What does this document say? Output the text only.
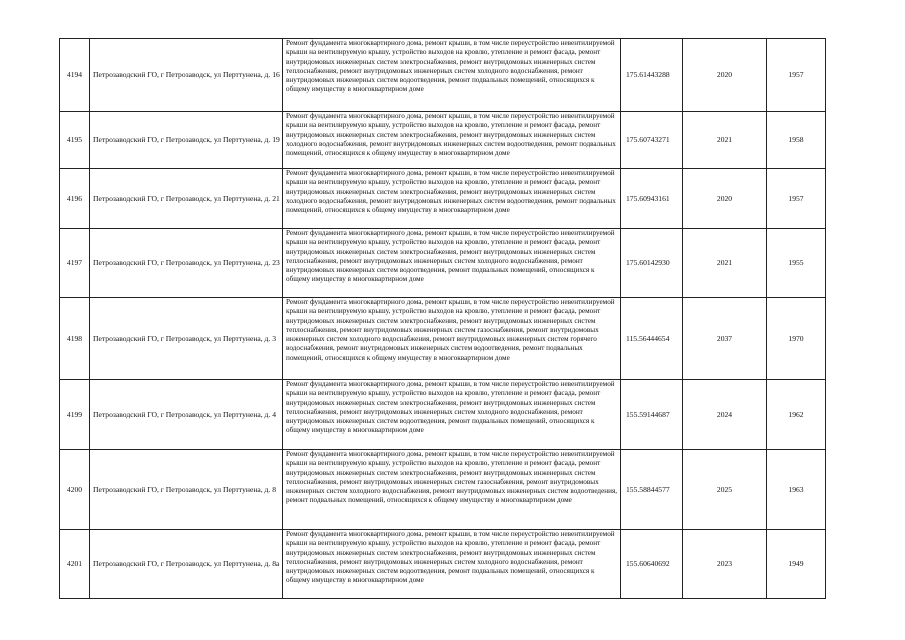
4194	Петрозаводский ГО, г Петрозаводск, ул Перттунена, д. 16	Ремонт фундамента многоквартирного дома, ремонт крыши, в том числе переустройство невентилируемой крыши на вентилируемую крышу, устройство выходов на кровлю, утепление и ремонт фасада, ремонт внутридомовых инженерных систем электроснабжения, ремонт внутридомовых инженерных систем теплоснабжения, ремонт внутридомовых инженерных систем холодного водоснабжения, ремонт внутридомовых инженерных систем водоотведения, ремонт подвальных помещений, относящихся к общему имуществу в многоквартирном доме	175.61443288	2020	1957
4195	Петрозаводский ГО, г Петрозаводск, ул Перттунена, д. 19	Ремонт фундамента многоквартирного дома, ремонт крыши, в том числе переустройство невентилируемой крыши на вентилируемую крышу, устройство выходов на кровлю, утепление и ремонт фасада, ремонт внутридомовых инженерных систем электроснабжения, ремонт внутридомовых инженерных систем холодного водоснабжения, ремонт внутридомовых инженерных систем водоотведения, ремонт подвальных помещений, относящихся к общему имуществу в многоквартирном доме	175.60743271	2021	1958
4196	Петрозаводский ГО, г Петрозаводск, ул Перттунена, д. 21	Ремонт фундамента многоквартирного дома, ремонт крыши, в том числе переустройство невентилируемой крыши на вентилируемую крышу, устройство выходов на кровлю, утепление и ремонт фасада, ремонт внутридомовых инженерных систем электроснабжения, ремонт внутридомовых инженерных систем холодного водоснабжения, ремонт внутридомовых инженерных систем водоотведения, ремонт подвальных помещений, относящихся к общему имуществу в многоквартирном доме	175.60943161	2020	1957
4197	Петрозаводский ГО, г Петрозаводск, ул Перттунена, д. 23	Ремонт фундамента многоквартирного дома, ремонт крыши, в том числе переустройство невентилируемой крыши на вентилируемую крышу, устройство выходов на кровлю, утепление и ремонт фасада, ремонт внутридомовых инженерных систем электроснабжения, ремонт внутридомовых инженерных систем теплоснабжения, ремонт внутридомовых инженерных систем холодного водоснабжения, ремонт внутридомовых инженерных систем водоотведения, ремонт подвальных помещений, относящихся к общему имуществу в многоквартирном доме	175.60142930	2021	1955
4198	Петрозаводский ГО, г Петрозаводск, ул Перттунена, д. 3	Ремонт фундамента многоквартирного дома, ремонт крыши, в том числе переустройство невентилируемой крыши на вентилируемую крышу, устройство выходов на кровлю, утепление и ремонт фасада, ремонт внутридомовых инженерных систем электроснабжения, ремонт внутридомовых инженерных систем теплоснабжения, ремонт внутридомовых инженерных систем газоснабжения, ремонт внутридомовых инженерных систем холодного водоснабжения, ремонт внутридомовых инженерных систем горячего водоснабжения, ремонт внутридомовых инженерных систем водоотведения, ремонт подвальных помещений, относящихся к общему имуществу в многоквартирном доме	115.56444654	2037	1970
4199	Петрозаводский ГО, г Петрозаводск, ул Перттунена, д. 4	Ремонт фундамента многоквартирного дома, ремонт крыши, в том числе переустройство невентилируемой крыши на вентилируемую крышу, устройство выходов на кровлю, утепление и ремонт фасада, ремонт внутридомовых инженерных систем электроснабжения, ремонт внутридомовых инженерных систем теплоснабжения, ремонт внутридомовых инженерных систем холодного водоснабжения, ремонт внутридомовых инженерных систем водоотведения, ремонт подвальных помещений, относящихся к общему имуществу в многоквартирном доме	155.59144687	2024	1962
4200	Петрозаводский ГО, г Петрозаводск, ул Перттунена, д. 8	Ремонт фундамента многоквартирного дома, ремонт крыши, в том числе переустройство невентилируемой крыши на вентилируемую крышу, устройство выходов на кровлю, утепление и ремонт фасада, ремонт внутридомовых инженерных систем электроснабжения, ремонт внутридомовых инженерных систем теплоснабжения, ремонт внутридомовых инженерных систем газоснабжения, ремонт внутридомовых инженерных систем холодного водоснабжения, ремонт внутридомовых инженерных систем водоотведения, ремонт подвальных помещений, относящихся к общему имуществу в многоквартирном доме	155.58844577	2025	1963
4201	Петрозаводский ГО, г Петрозаводск, ул Перттунена, д. 8а	Ремонт фундамента многоквартирного дома, ремонт крыши, в том числе переустройство невентилируемой крыши на вентилируемую крышу, устройство выходов на кровлю, утепление и ремонт фасада, ремонт внутридомовых инженерных систем электроснабжения, ремонт внутридомовых инженерных систем теплоснабжения, ремонт внутридомовых инженерных систем холодного водоснабжения, ремонт внутридомовых инженерных систем водоотведения, ремонт подвальных помещений, относящихся к общему имуществу в многоквартирном доме	155.60640692	2023	1949
